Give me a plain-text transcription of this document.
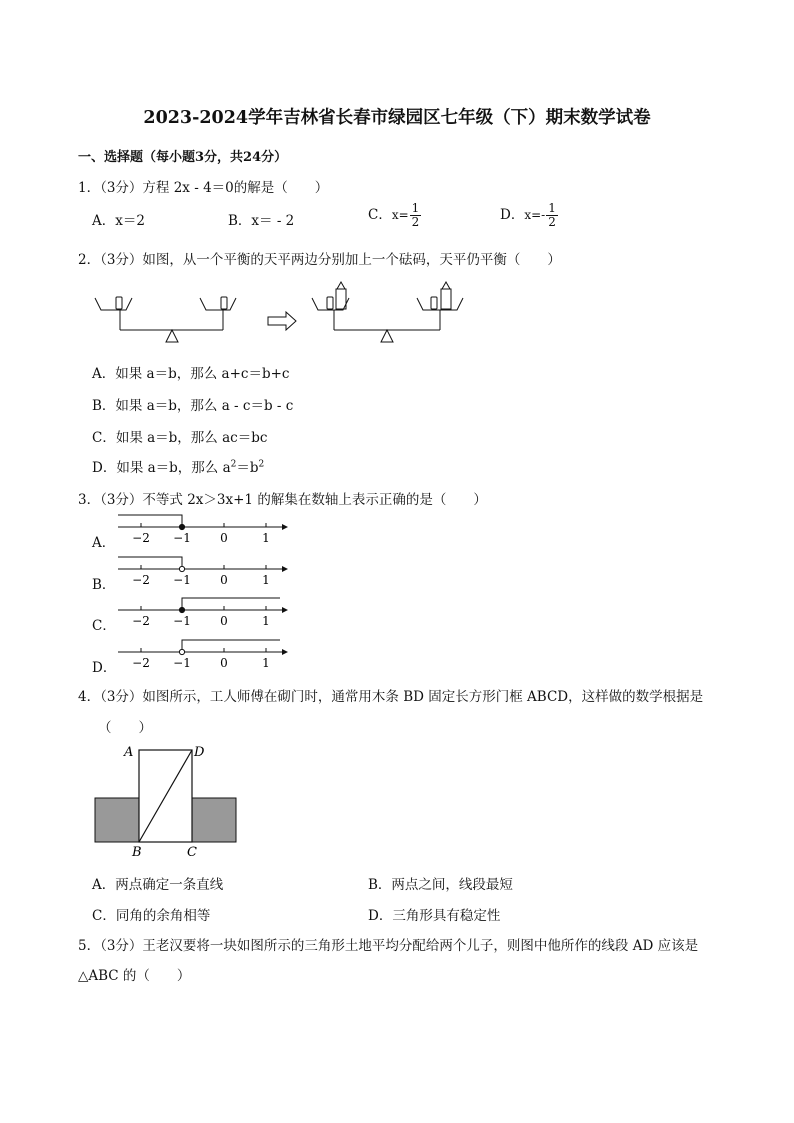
2023-2024学年吉林省长春市绿园区七年级（下）期末数学试卷
一、选择题（每小题3分，共24分）
1．（3分）方程 2x - 4＝0的解是（　　）
A．x＝2	B．x＝ - 2	C．$x= \frac{1}{2}$	D．$x=- \frac{1}{2}$
2．（3分）如图，从一个平衡的天平两边分别加上一个砝码，天平仍平衡（　　）
A．如果 a＝b，那么 a+c＝b+c
B．如果 a＝b，那么 a - c＝b - c
C．如果 a＝b，那么 ac＝bc
D．如果 a＝b，那么 $a^2=b^2$
3．（3分）不等式 2x＞3x+1 的解集在数轴上表示正确的是（　　）
A．
B．
C．
D．
−2 −1 0	1
−2 −1 0	1
−2 −1 0	1
−2 −1 0	1
4．（3分）如图所示，工人师傅在砌门时，通常用木条 BD 固定长方形门框 ABCD，这样做的数学根据是
（　　）
A	D
B	C
A．两点确定一条直线	B．两点之间，线段最短
C．同角的余角相等	D．三角形具有稳定性
5．（3分）王老汉要将一块如图所示的三角形土地平均分配给两个儿子，则图中他所作的线段 AD 应该是
△ABC 的（　　）
